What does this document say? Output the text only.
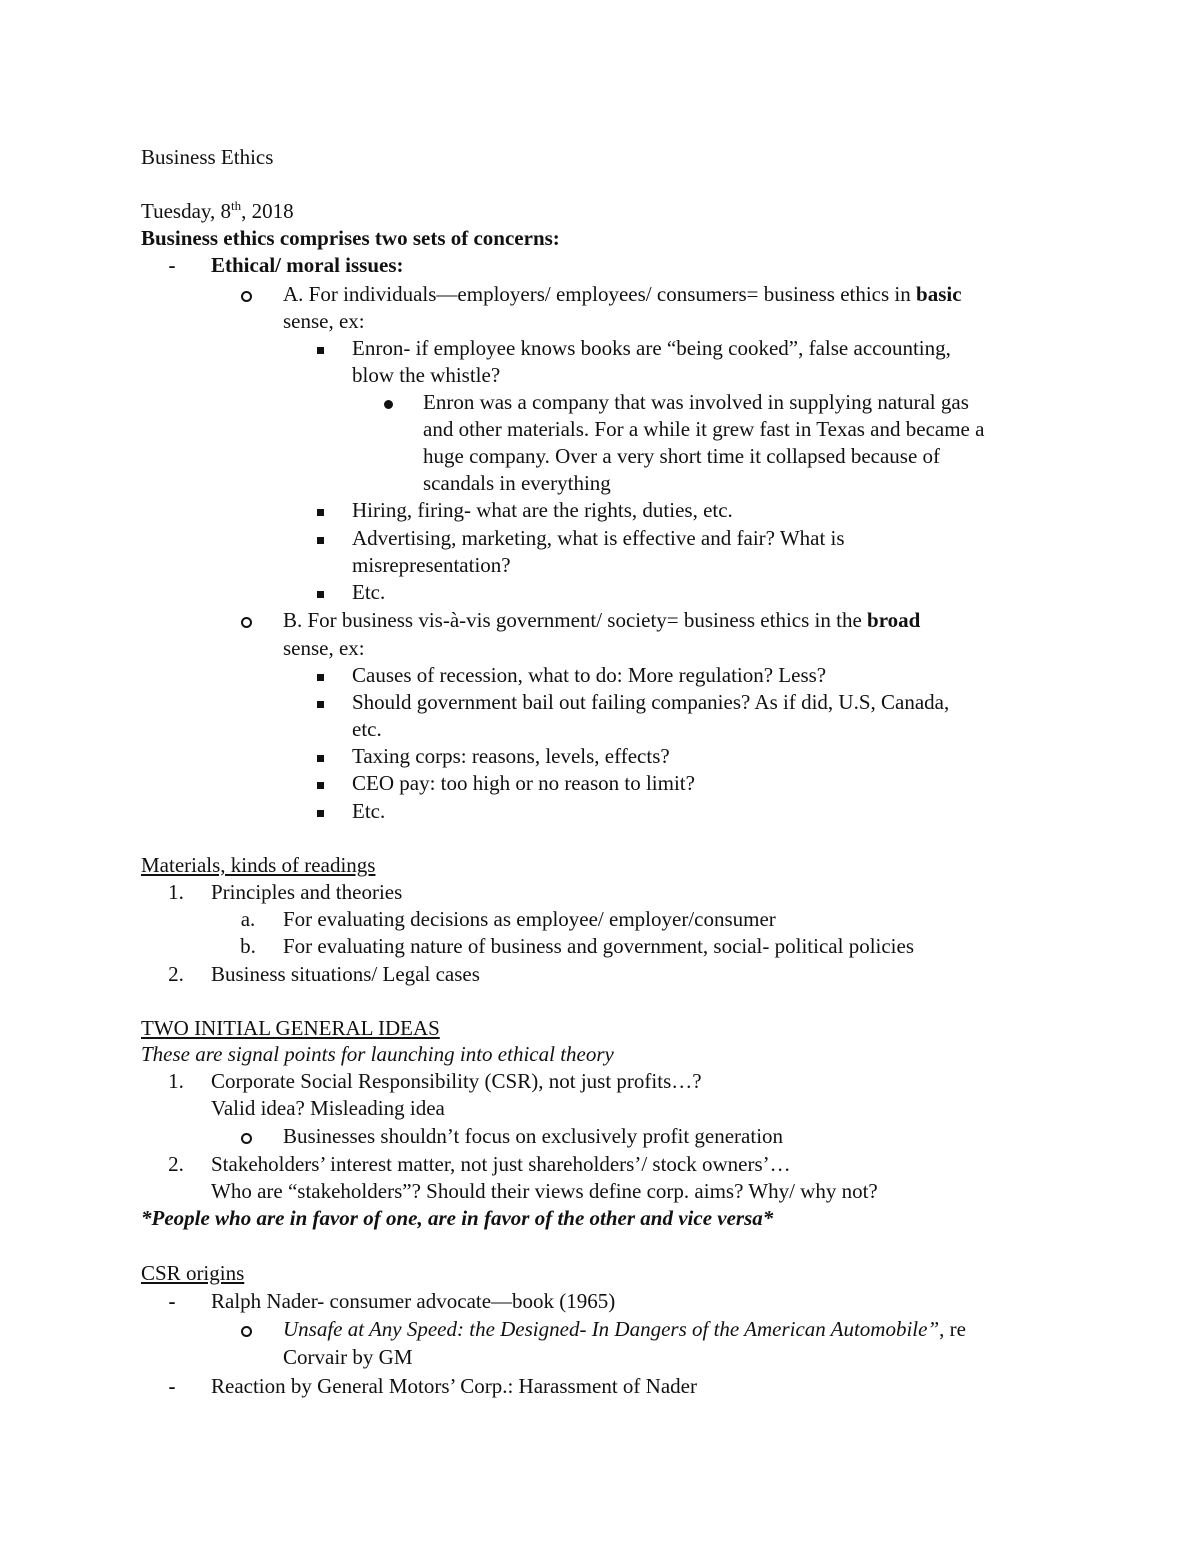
Business Ethics
Tuesday, 8th, 2018
Business ethics comprises two sets of concerns:
- Ethical/ moral issues:
A. For individuals—employers/ employees/ consumers= business ethics in basic
sense, ex:
Enron- if employee knows books are “being cooked”, false accounting,
blow the whistle?
Enron was a company that was involved in supplying natural gas
and other materials. For a while it grew fast in Texas and became a
huge company. Over a very short time it collapsed because of
scandals in everything
Hiring, firing- what are the rights, duties, etc.
Advertising, marketing, what is effective and fair? What is
misrepresentation?
Etc.
B. For business vis-à-vis government/ society= business ethics in the broad
sense, ex:
Causes of recession, what to do: More regulation? Less?
Should government bail out failing companies? As if did, U.S, Canada,
etc.
Taxing corps: reasons, levels, effects?
CEO pay: too high or no reason to limit?
Etc.
Materials, kinds of readings
1. Principles and theories
a. For evaluating decisions as employee/ employer/consumer
b. For evaluating nature of business and government, social- political policies
2. Business situations/ Legal cases
TWO INITIAL GENERAL IDEAS
These are signal points for launching into ethical theory
1. Corporate Social Responsibility (CSR), not just profits…?
Valid idea? Misleading idea
Businesses shouldn’t focus on exclusively profit generation
2. Stakeholders’ interest matter, not just shareholders’/ stock owners’…
Who are “stakeholders”? Should their views define corp. aims? Why/ why not?
*People who are in favor of one, are in favor of the other and vice versa*
CSR origins
- Ralph Nader- consumer advocate—book (1965)
Unsafe at Any Speed: the Designed- In Dangers of the American Automobile”, re
Corvair by GM
- Reaction by General Motors’ Corp.: Harassment of Nader
